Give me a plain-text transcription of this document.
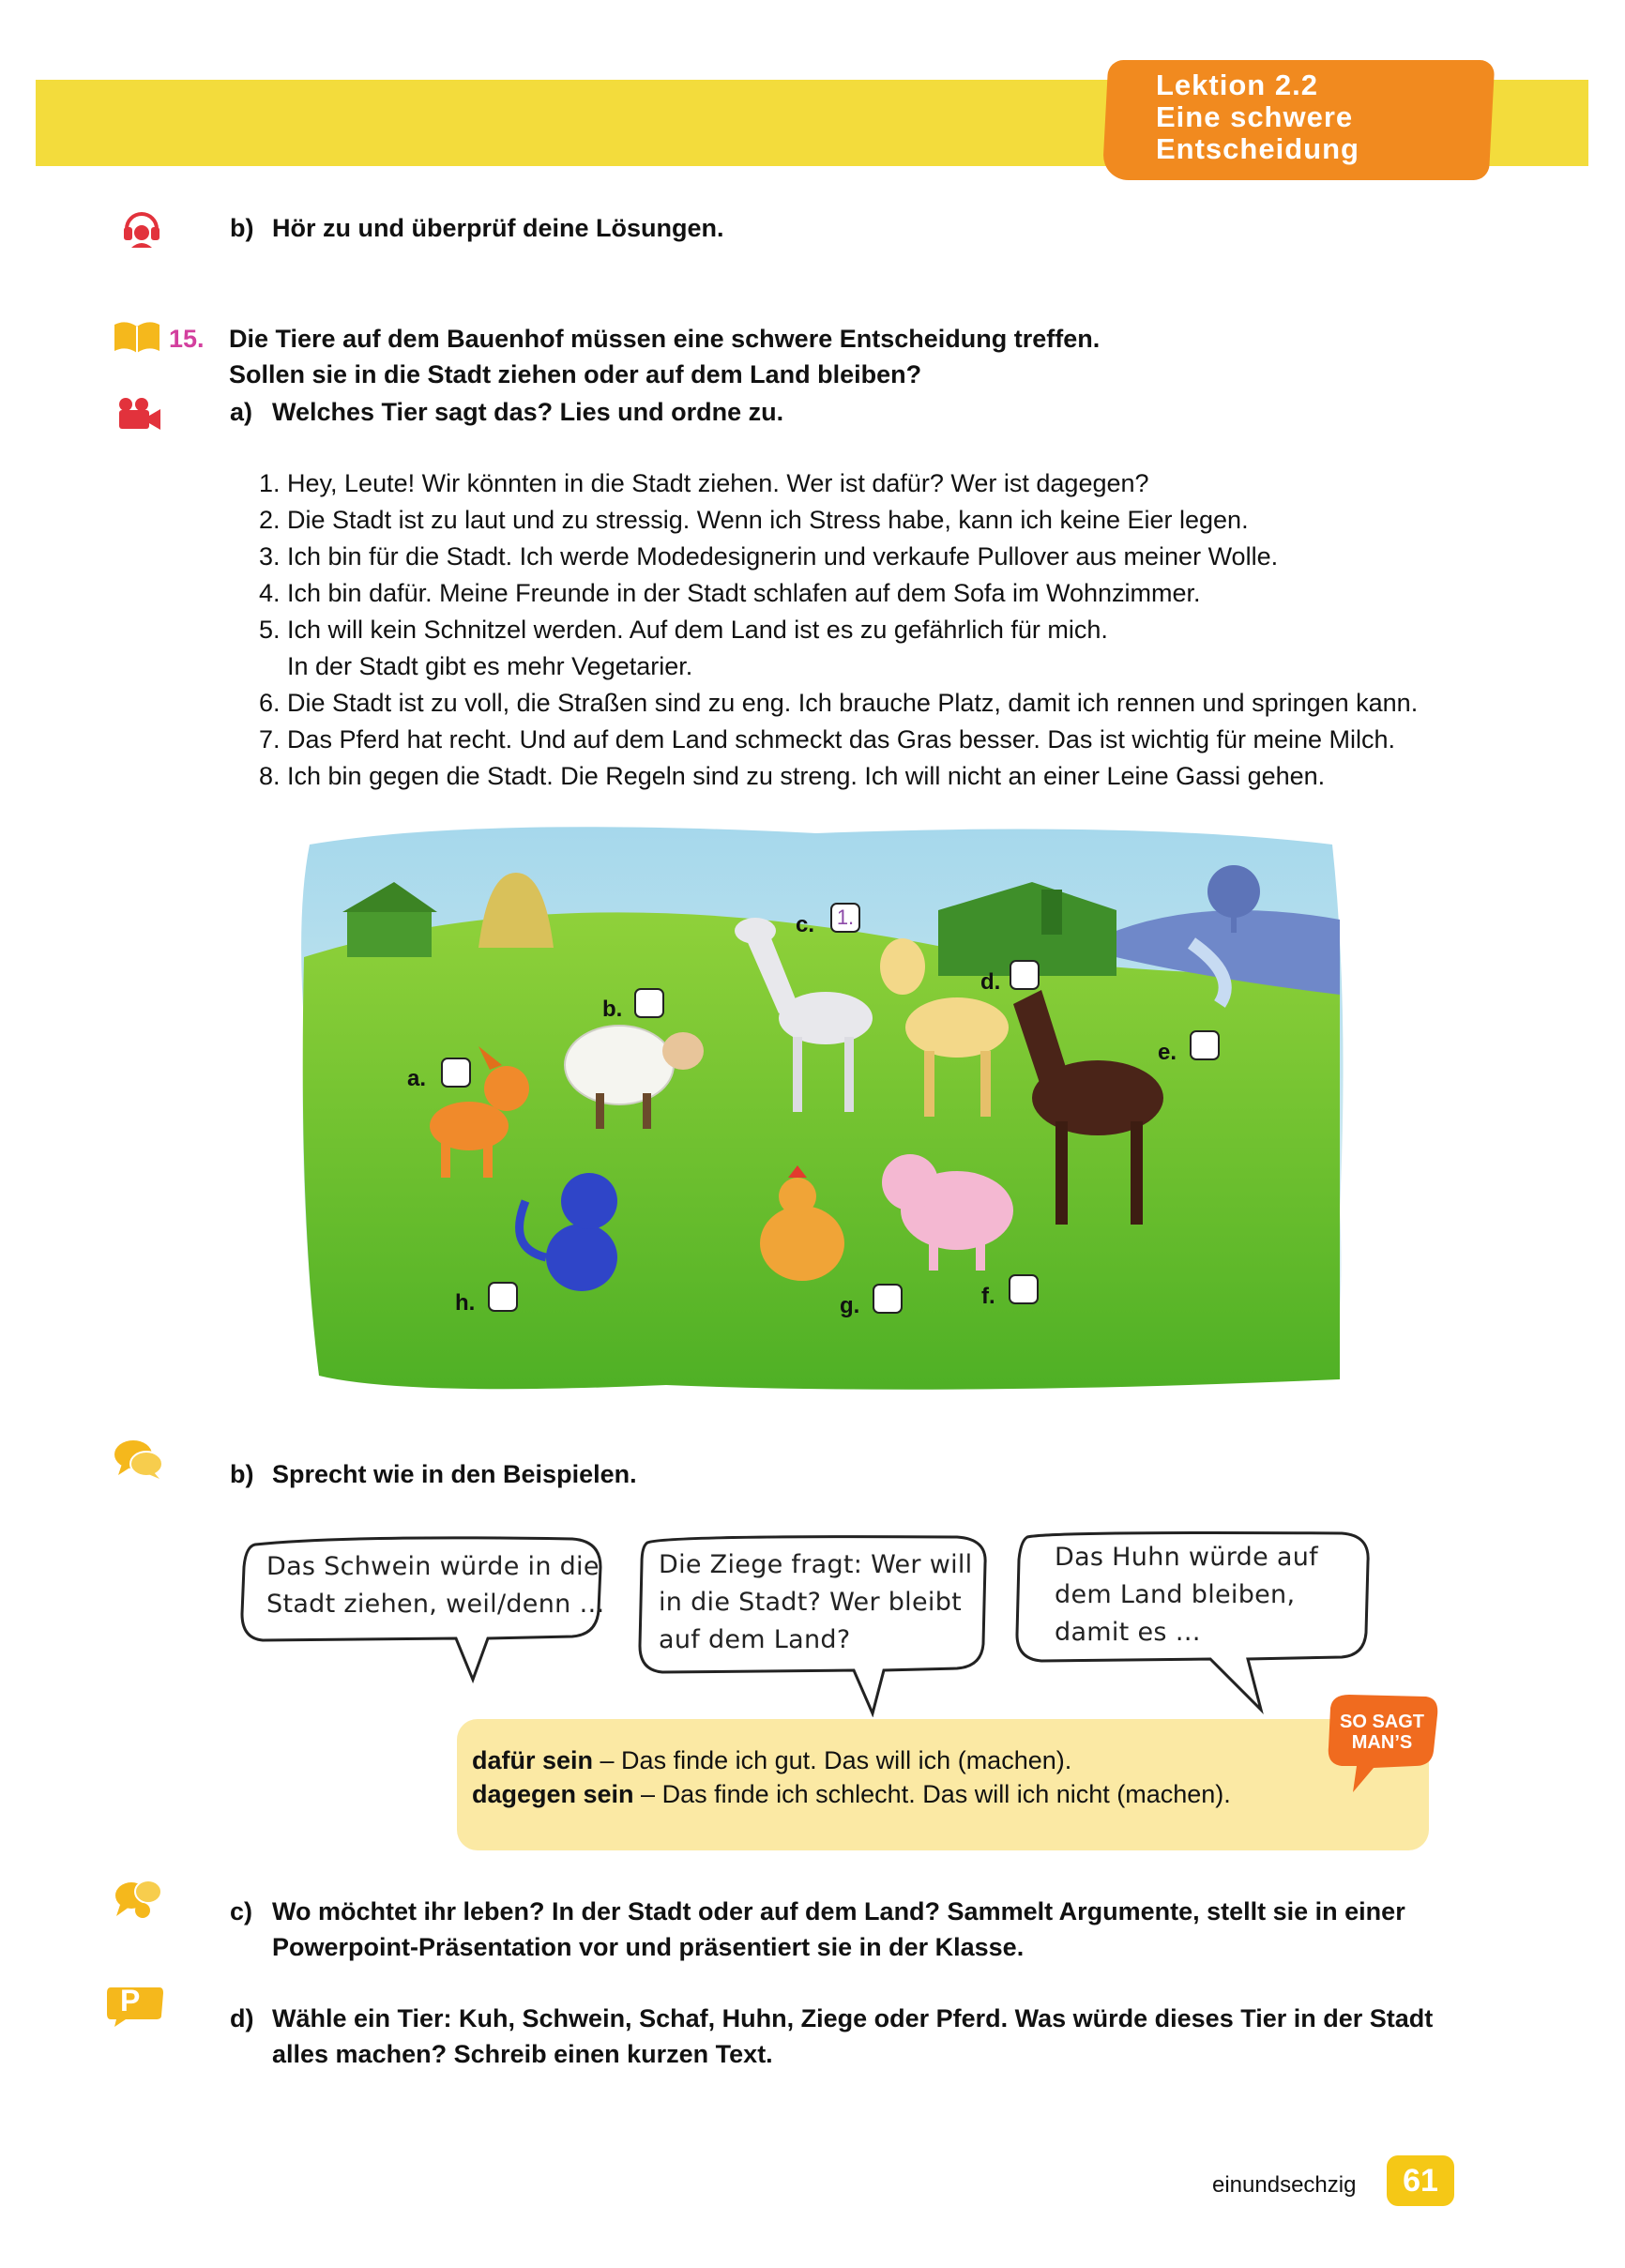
Lektion 2.2
Eine schwere
Entscheidung
b) Hör zu und überprüf deine Lösungen.
15. Die Tiere auf dem Bauenhof müssen eine schwere Entscheidung treffen.
Sollen sie in die Stadt ziehen oder auf dem Land bleiben?
a) Welches Tier sagt das? Lies und ordne zu.
1. Hey, Leute! Wir könnten in die Stadt ziehen. Wer ist dafür? Wer ist dagegen?
2. Die Stadt ist zu laut und zu stressig. Wenn ich Stress habe, kann ich keine Eier legen.
3. Ich bin für die Stadt. Ich werde Modedesignerin und verkaufe Pullover aus meiner Wolle.
4. Ich bin dafür. Meine Freunde in der Stadt schlafen auf dem Sofa im Wohnzimmer.
5. Ich will kein Schnitzel werden. Auf dem Land ist es zu gefährlich für mich.
In der Stadt gibt es mehr Vegetarier.
6. Die Stadt ist zu voll, die Straßen sind zu eng. Ich brauche Platz, damit ich rennen und springen kann.
7. Das Pferd hat recht. Und auf dem Land schmeckt das Gras besser. Das ist wichtig für meine Milch.
8. Ich bin gegen die Stadt. Die Regeln sind zu streng. Ich will nicht an einer Leine Gassi gehen.
a.
b.
c.	1.
d.
e.
f.
g.
h.
b) Sprecht wie in den Beispielen.
Das Schwein würde in die
Stadt ziehen, weil/denn …
Die Ziege fragt: Wer will
in die Stadt? Wer bleibt
auf dem Land?
Das Huhn würde auf
dem Land bleiben,
damit es …
SO SAGT
MAN’S
dafür sein – Das finde ich gut. Das will ich (machen).
dagegen sein – Das finde ich schlecht. Das will ich nicht (machen).
c) Wo möchtet ihr leben? In der Stadt oder auf dem Land? Sammelt Argumente, stellt sie in einer
Powerpoint-Präsentation vor und präsentiert sie in der Klasse.
P
d) Wähle ein Tier: Kuh, Schwein, Schaf, Huhn, Ziege oder Pferd. Was würde dieses Tier in der Stadt
alles machen? Schreib einen kurzen Text.
einundsechzig	61
